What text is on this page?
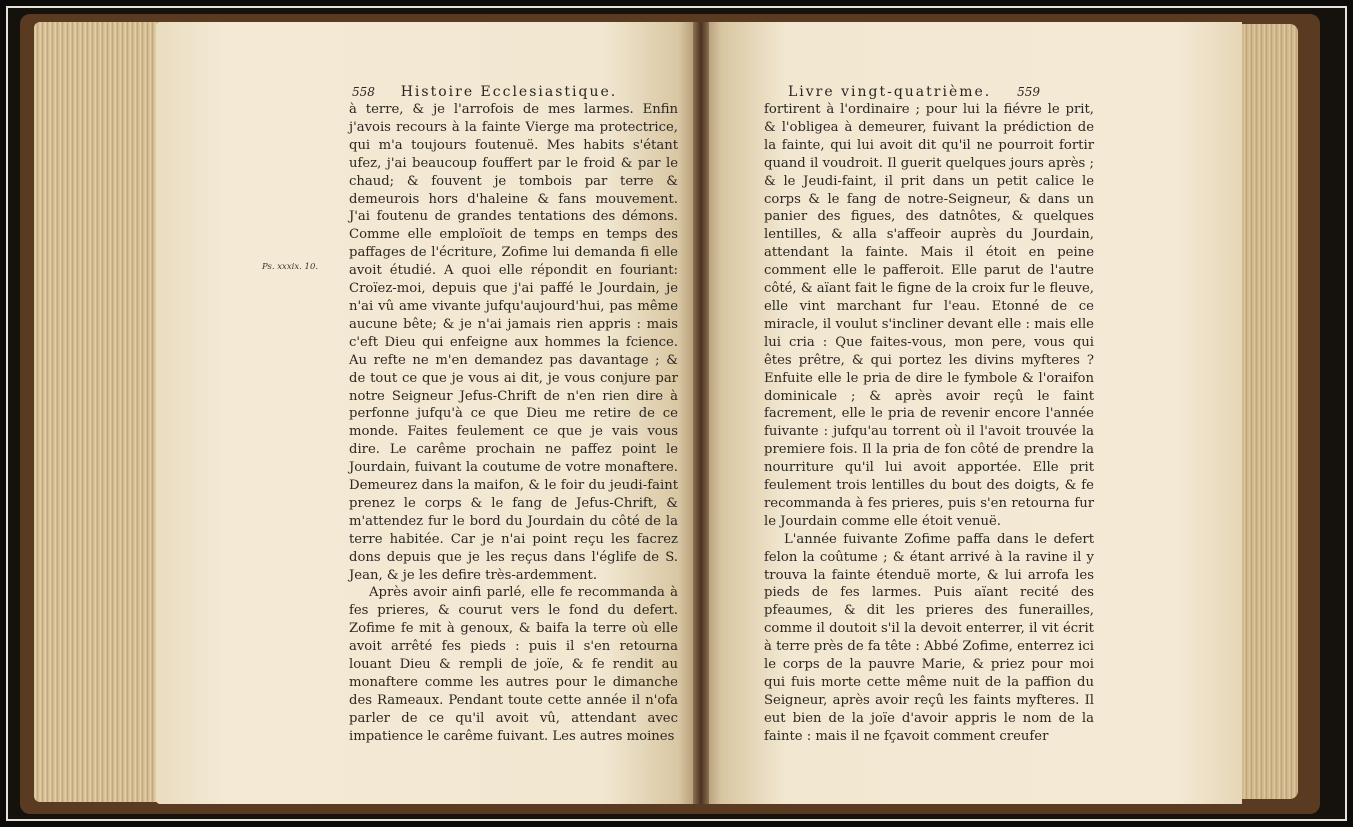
558 Histoire Ecclesiastique.
Ps. xxxix. 10.

à terre, & je l'arrofois de mes larmes. Enfin j'avois recours à la fainte Vierge ma protectrice, qui m'a toujours foutenuë. Mes habits s'étant ufez, j'ai beaucoup fouffert par le froid & par le chaud; & fouvent je tombois par terre & demeurois hors d'haleine & fans mouvement. J'ai foutenu de grandes tentations des démons. Comme elle emploïoit de temps en temps des paffages de l'écriture, Zofime lui demanda fi elle avoit étudié. A quoi elle répondit en fouriant: Croïez-moi, depuis que j'ai paffé le Jourdain, je n'ai vû ame vivante jufqu'aujourd'hui, pas même aucune bête; & je n'ai jamais rien appris : mais c'eft Dieu qui enfeigne aux hommes la fcience. Au refte ne m'en demandez pas davantage ; & de tout ce que je vous ai dit, je vous conjure par notre Seigneur Jefus-Chrift de n'en rien dire à perfonne jufqu'à ce que Dieu me retire de ce monde. Faites feulement ce que je vais vous dire. Le carême prochain ne paffez point le Jourdain, fuivant la coutume de votre monaftere. Demeurez dans la maifon, & le foir du jeudi-faint prenez le corps & le fang de Jefus-Chrift, & m'attendez fur le bord du Jourdain du côté de la terre habitée. Car je n'ai point reçu les facrez dons depuis que je les reçus dans l'églife de S. Jean, & je les defire très-ardemment.

Après avoir ainfi parlé, elle fe recommanda à fes prieres, & courut vers le fond du defert. Zofime fe mit à genoux, & baifa la terre où elle avoit arrêté fes pieds : puis il s'en retourna louant Dieu & rempli de joïe, & fe rendit au monaftere comme les autres pour le dimanche des Rameaux. Pendant toute cette année il n'ofa parler de ce qu'il avoit vû, attendant avec impatience le carême fuivant. Les autres moines

Livre vingt-quatrième. 559

fortirent à l'ordinaire ; pour lui la fiévre le prit, & l'obligea à demeurer, fuivant la prédiction de la fainte, qui lui avoit dit qu'il ne pourroit fortir quand il voudroit. Il guerit quelques jours après ; & le Jeudi-faint, il prit dans un petit calice le corps & le fang de notre-Seigneur, & dans un panier des figues, des datnôtes, & quelques lentilles, & alla s'affeoir auprès du Jourdain, attendant la fainte. Mais il étoit en peine comment elle le pafferoit. Elle parut de l'autre côté, & aïant fait le figne de la croix fur le fleuve, elle vint marchant fur l'eau. Etonné de ce miracle, il voulut s'incliner devant elle : mais elle lui cria : Que faites-vous, mon pere, vous qui êtes prêtre, & qui portez les divins myfteres ? Enfuite elle le pria de dire le fymbole & l'oraifon dominicale ; & après avoir reçû le faint facrement, elle le pria de revenir encore l'année fuivante : jufqu'au torrent où il l'avoit trouvée la premiere fois. Il la pria de fon côté de prendre la nourriture qu'il lui avoit apportée. Elle prit feulement trois lentilles du bout des doigts, & fe recommanda à fes prieres, puis s'en retourna fur le Jourdain comme elle étoit venuë.

L'année fuivante Zofime paffa dans le defert felon la coûtume ; & étant arrivé à la ravine il y trouva la fainte étenduë morte, & lui arrofa les pieds de fes larmes. Puis aïant recité des pfeaumes, & dit les prieres des funerailles, comme il doutoit s'il la devoit enterrer, il vit écrit à terre près de fa tête : Abbé Zofime, enterrez ici le corps de la pauvre Marie, & priez pour moi qui fuis morte cette même nuit de la paffion du Seigneur, après avoir reçû les faints myfteres. Il eut bien de la joïe d'avoir appris le nom de la fainte : mais il ne fçavoit comment creufer
